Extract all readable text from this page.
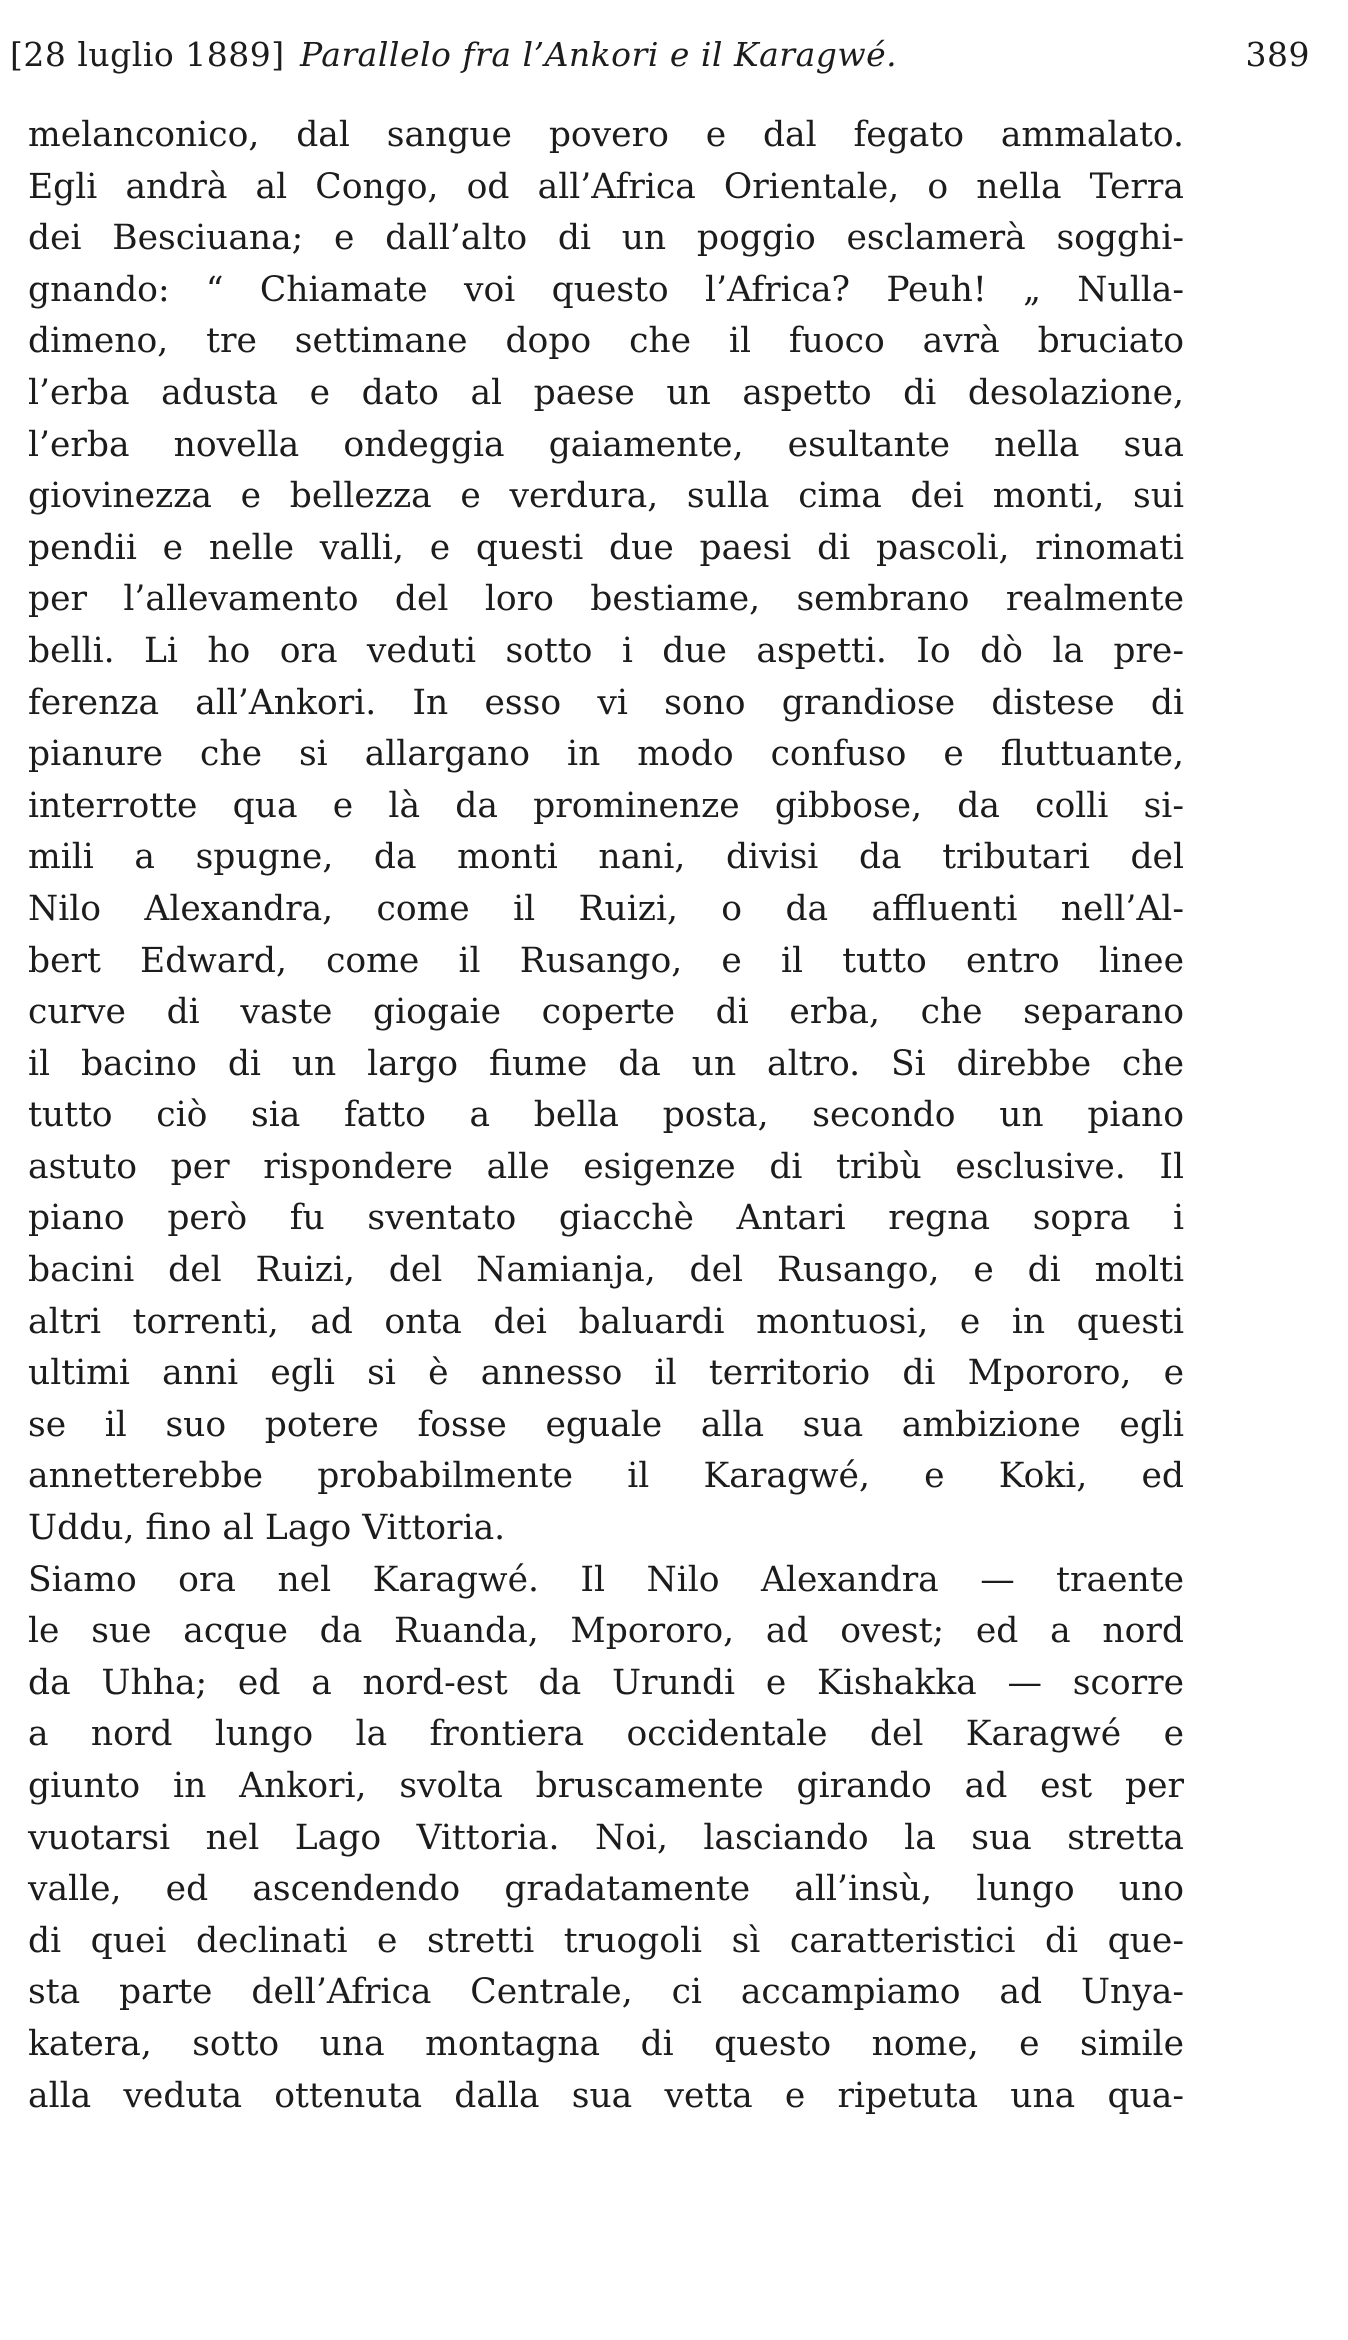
[28 luglio 1889] Parallelo fra l’Ankori e il Karagwé.	389
melanconico, dal sangue povero e dal fegato ammalato.
Egli andrà al Congo, od all’Africa Orientale, o nella Terra
dei Besciuana; e dall’alto di un poggio esclamerà sogghi-
gnando: “ Chiamate voi questo l’Africa? Peuh! „ Nulla-
dimeno, tre settimane dopo che il fuoco avrà bruciato
l’erba adusta e dato al paese un aspetto di desolazione,
l’erba novella ondeggia gaiamente, esultante nella sua
giovinezza e bellezza e verdura, sulla cima dei monti, sui
pendii e nelle valli, e questi due paesi di pascoli, rinomati
per l’allevamento del loro bestiame, sembrano realmente
belli. Li ho ora veduti sotto i due aspetti. Io dò la pre-
ferenza all’Ankori. In esso vi sono grandiose distese di
pianure che si allargano in modo confuso e fluttuante,
interrotte qua e là da prominenze gibbose, da colli si-
mili a spugne, da monti nani, divisi da tributari del
Nilo Alexandra, come il Ruizi, o da affluenti nell’Al-
bert Edward, come il Rusango, e il tutto entro linee
curve di vaste giogaie coperte di erba, che separano
il bacino di un largo fiume da un altro. Si direbbe che
tutto ciò sia fatto a bella posta, secondo un piano
astuto per rispondere alle esigenze di tribù esclusive. Il
piano però fu sventato giacchè Antari regna sopra i
bacini del Ruizi, del Namianja, del Rusango, e di molti
altri torrenti, ad onta dei baluardi montuosi, e in questi
ultimi anni egli si è annesso il territorio di Mpororo, e
se il suo potere fosse eguale alla sua ambizione egli
annetterebbe probabilmente il Karagwé, e Koki, ed
Uddu, fino al Lago Vittoria.
Siamo ora nel Karagwé. Il Nilo Alexandra — traente
le sue acque da Ruanda, Mpororo, ad ovest; ed a nord
da Uhha; ed a nord-est da Urundi e Kishakka — scorre
a nord lungo la frontiera occidentale del Karagwé e
giunto in Ankori, svolta bruscamente girando ad est per
vuotarsi nel Lago Vittoria. Noi, lasciando la sua stretta
valle, ed ascendendo gradatamente all’insù, lungo uno
di quei declinati e stretti truogoli sì caratteristici di que-
sta parte dell’Africa Centrale, ci accampiamo ad Unya-
katera, sotto una montagna di questo nome, e simile
alla veduta ottenuta dalla sua vetta e ripetuta una qua-
